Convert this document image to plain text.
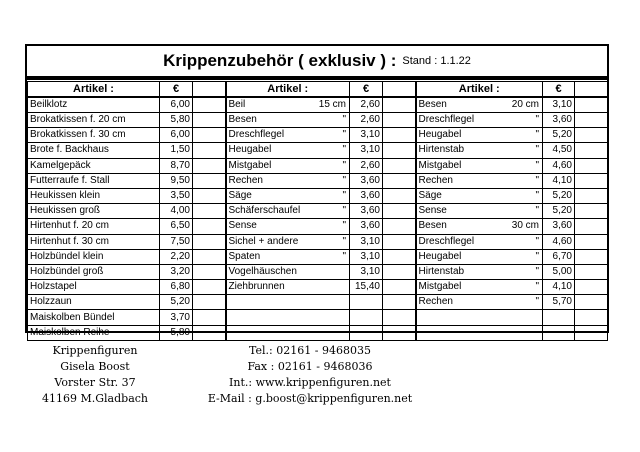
Krippenzubehör ( exklusiv ) : Stand : 1.1.22
Artikel :	€		Artikel :	€		Artikel :	€	
Beilklotz	6,00		Beil 15 cm	2,60		Besen 20 cm	3,10	
Brokatkissen f. 20 cm	5,80		Besen "	2,60		Dreschflegel "	3,60	
Brokatkissen f. 30 cm	6,00		Dreschflegel "	3,10		Heugabel "	5,20	
Brote f. Backhaus	1,50		Heugabel "	3,10		Hirtenstab "	4,50	
Kamelgepäck	8,70		Mistgabel "	2,60		Mistgabel "	4,60	
Futterraufe f. Stall	9,50		Rechen "	3,60		Rechen "	4,10	
Heukissen klein	3,50		Säge "	3,60		Säge "	5,20	
Heukissen groß	4,00		Schäferschaufel "	3,60		Sense "	5,20	
Hirtenhut f. 20 cm	6,50		Sense "	3,60		Besen 30 cm	3,60	
Hirtenhut f. 30 cm	7,50		Sichel + andere "	3,10		Dreschflegel "	4,60	
Holzbündel klein	2,20		Spaten "	3,10		Heugabel "	6,70	
Holzbündel groß	3,20		Vogelhäuschen	3,10		Hirtenstab "	5,00	
Holzstapel	6,80		Ziehbrunnen	15,40		Mistgabel "	4,10	
Holzzaun	5,20					Rechen "	5,70	
Maiskolben Bündel	3,70							
Maiskolben Reihe	5,80							
Krippenfiguren
Gisela Boost
Vorster Str. 37
41169 M.Gladbach
Tel.: 02161 - 9468035
Fax : 02161 - 9468036
Int.: www.krippenfiguren.net
E-Mail : g.boost@krippenfiguren.net
